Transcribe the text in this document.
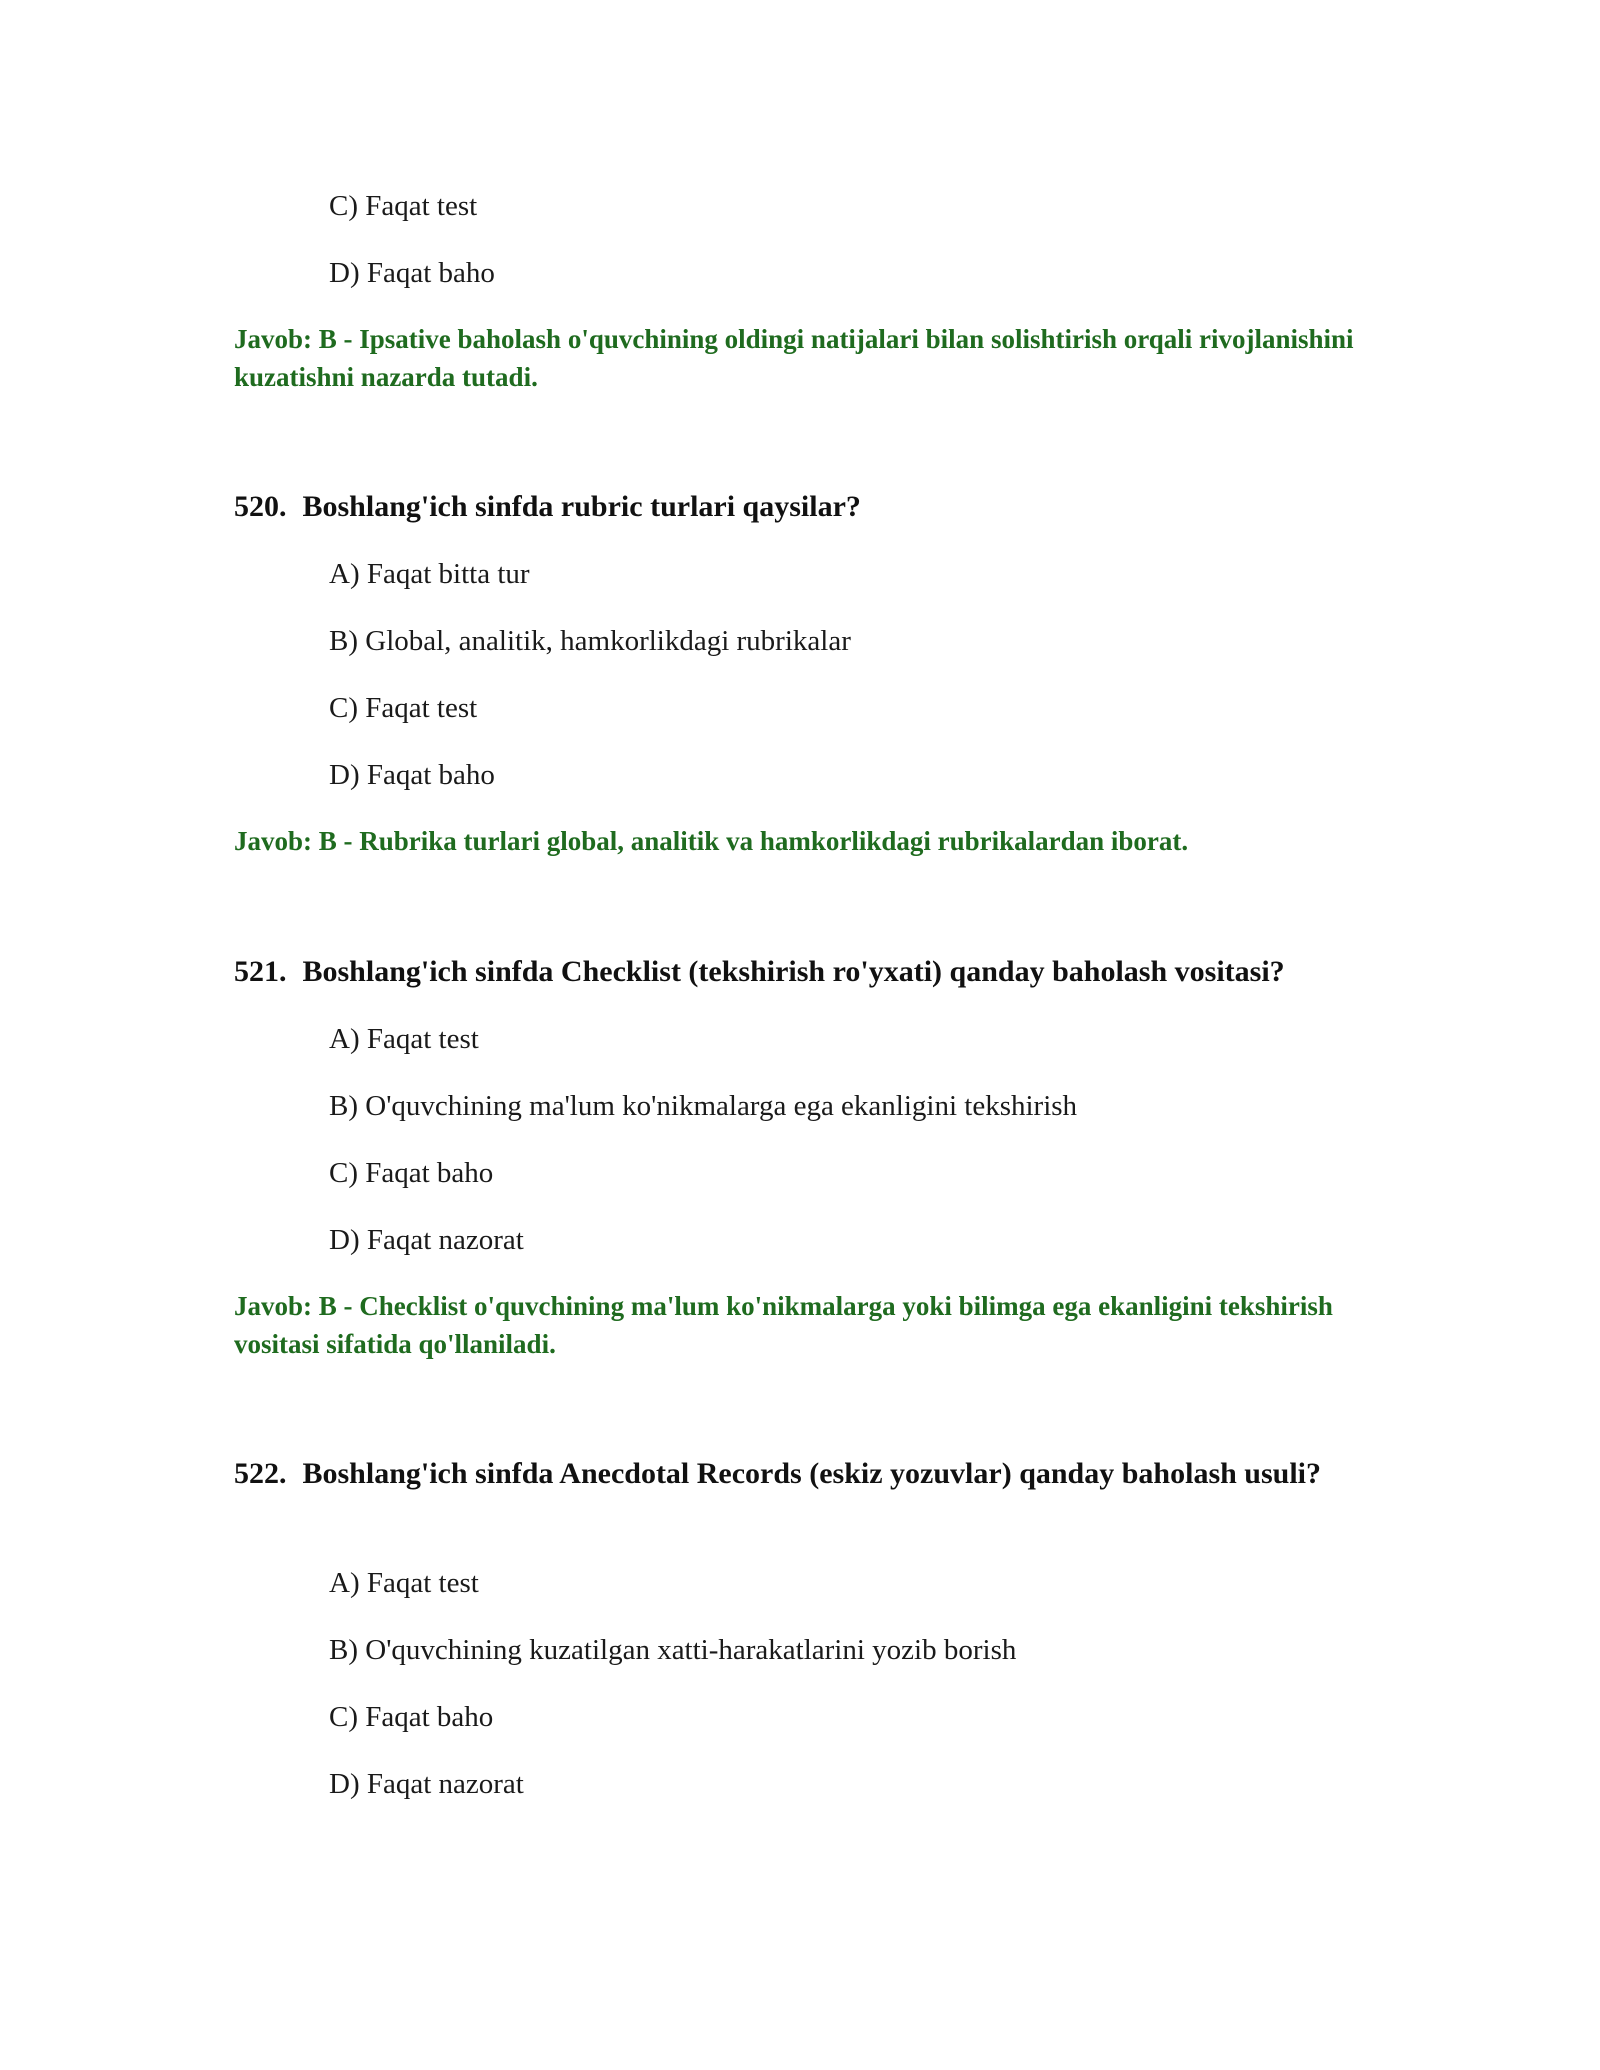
C) Faqat test
D) Faqat baho
Javob: B - Ipsative baholash o'quvchining oldingi natijalari bilan solishtirish orqali rivojlanishini kuzatishni nazarda tutadi.
520. Boshlang'ich sinfda rubric turlari qaysilar?
A) Faqat bitta tur
B) Global, analitik, hamkorlikdagi rubrikalar
C) Faqat test
D) Faqat baho
Javob: B - Rubrika turlari global, analitik va hamkorlikdagi rubrikalardan iborat.
521. Boshlang'ich sinfda Checklist (tekshirish ro'yxati) qanday baholash vositasi?
A) Faqat test
B) O'quvchining ma'lum ko'nikmalarga ega ekanligini tekshirish
C) Faqat baho
D) Faqat nazorat
Javob: B - Checklist o'quvchining ma'lum ko'nikmalarga yoki bilimga ega ekanligini tekshirish vositasi sifatida qo'llaniladi.
522. Boshlang'ich sinfda Anecdotal Records (eskiz yozuvlar) qanday baholash usuli?
A) Faqat test
B) O'quvchining kuzatilgan xatti-harakatlarini yozib borish
C) Faqat baho
D) Faqat nazorat
